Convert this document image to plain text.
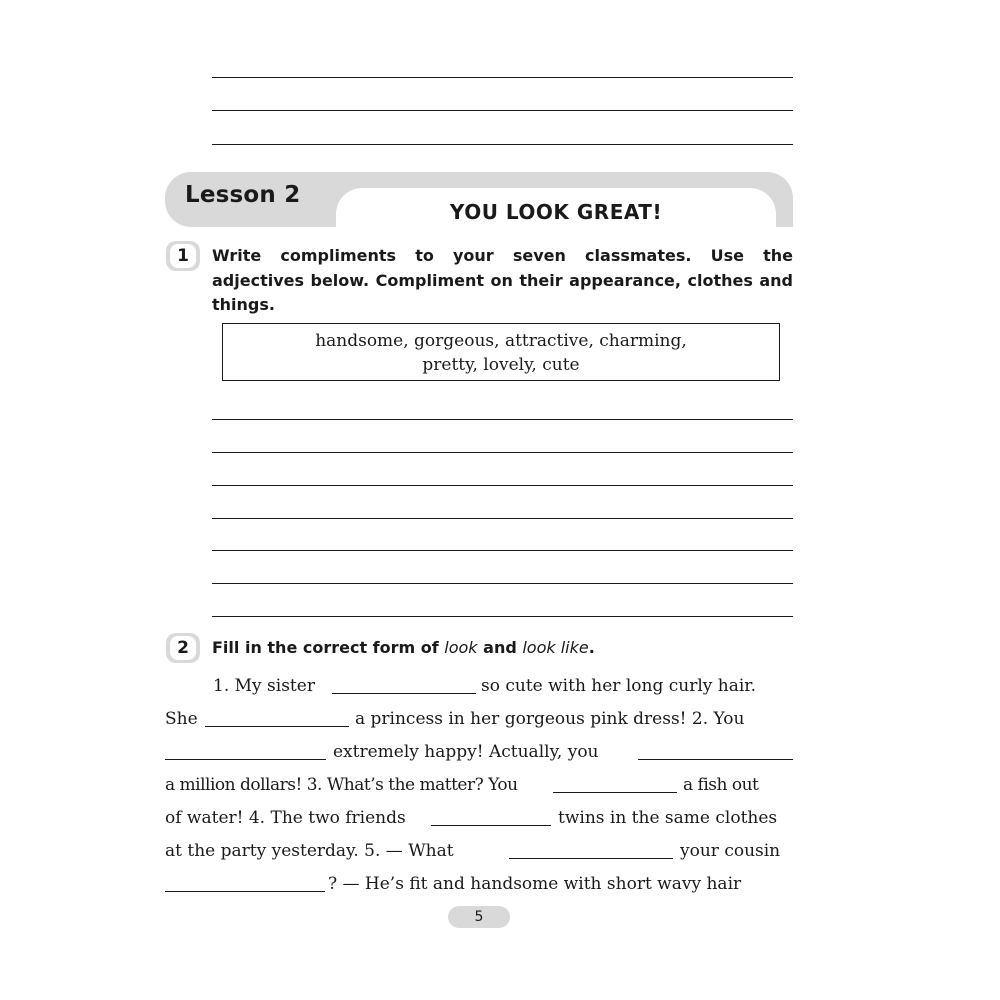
Lesson 2
YOU LOOK GREAT!
1	Write compliments to your seven classmates. Use the adjectives below. Compliment on their appearance, clothes and things.
handsome, gorgeous, attractive, charming,
pretty, lovely, cute
2	Fill in the correct form of look and look like.
1. My sister	so cute with her long curly hair.
She	a princess in her gorgeous pink dress! 2. You
extremely happy! Actually, you
a million dollars! 3. What’s the matter? You	a fish out
of water! 4. The two friends	twins in the same clothes
at the party yesterday. 5. — What	your cousin
? — He’s fit and handsome with short wavy hair
5
